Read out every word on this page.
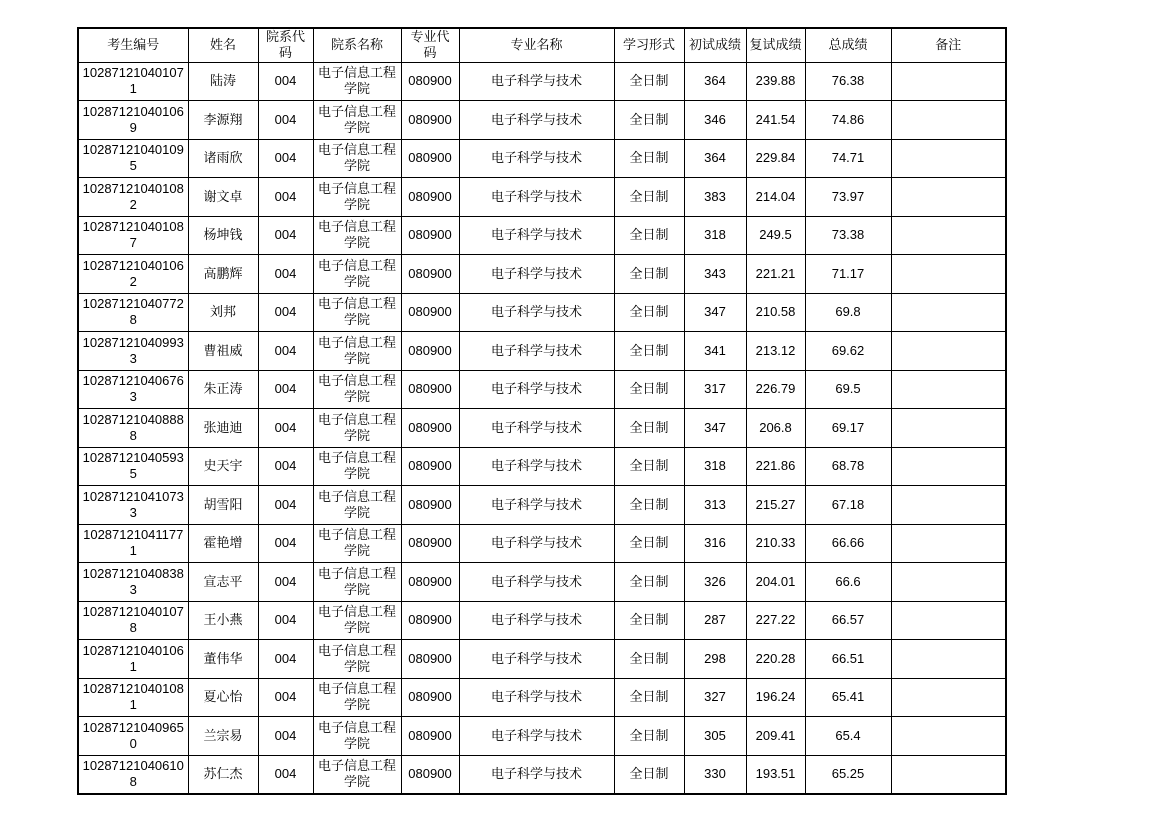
考生编号	姓名	院系代码	院系名称	专业代码	专业名称	学习形式	初试成绩	复试成绩	总成绩	备注
102871210401071	陆涛	004	电子信息工程学院	080900	电子科学与技术	全日制	364	239.88	76.38	
102871210401069	李源翔	004	电子信息工程学院	080900	电子科学与技术	全日制	346	241.54	74.86	
102871210401095	诸雨欣	004	电子信息工程学院	080900	电子科学与技术	全日制	364	229.84	74.71	
102871210401082	谢文卓	004	电子信息工程学院	080900	电子科学与技术	全日制	383	214.04	73.97	
102871210401087	杨坤钱	004	电子信息工程学院	080900	电子科学与技术	全日制	318	249.5	73.38	
102871210401062	高鹏辉	004	电子信息工程学院	080900	电子科学与技术	全日制	343	221.21	71.17	
102871210407728	刘邦	004	电子信息工程学院	080900	电子科学与技术	全日制	347	210.58	69.8	
102871210409933	曹祖威	004	电子信息工程学院	080900	电子科学与技术	全日制	341	213.12	69.62	
102871210406763	朱正涛	004	电子信息工程学院	080900	电子科学与技术	全日制	317	226.79	69.5	
102871210408888	张迪迪	004	电子信息工程学院	080900	电子科学与技术	全日制	347	206.8	69.17	
102871210405935	史天宇	004	电子信息工程学院	080900	电子科学与技术	全日制	318	221.86	68.78	
102871210410733	胡雪阳	004	电子信息工程学院	080900	电子科学与技术	全日制	313	215.27	67.18	
102871210411771	霍艳增	004	电子信息工程学院	080900	电子科学与技术	全日制	316	210.33	66.66	
102871210408383	宣志平	004	电子信息工程学院	080900	电子科学与技术	全日制	326	204.01	66.6	
102871210401078	王小燕	004	电子信息工程学院	080900	电子科学与技术	全日制	287	227.22	66.57	
102871210401061	董伟华	004	电子信息工程学院	080900	电子科学与技术	全日制	298	220.28	66.51	
102871210401081	夏心怡	004	电子信息工程学院	080900	电子科学与技术	全日制	327	196.24	65.41	
102871210409650	兰宗易	004	电子信息工程学院	080900	电子科学与技术	全日制	305	209.41	65.4	
102871210406108	苏仁杰	004	电子信息工程学院	080900	电子科学与技术	全日制	330	193.51	65.25	
